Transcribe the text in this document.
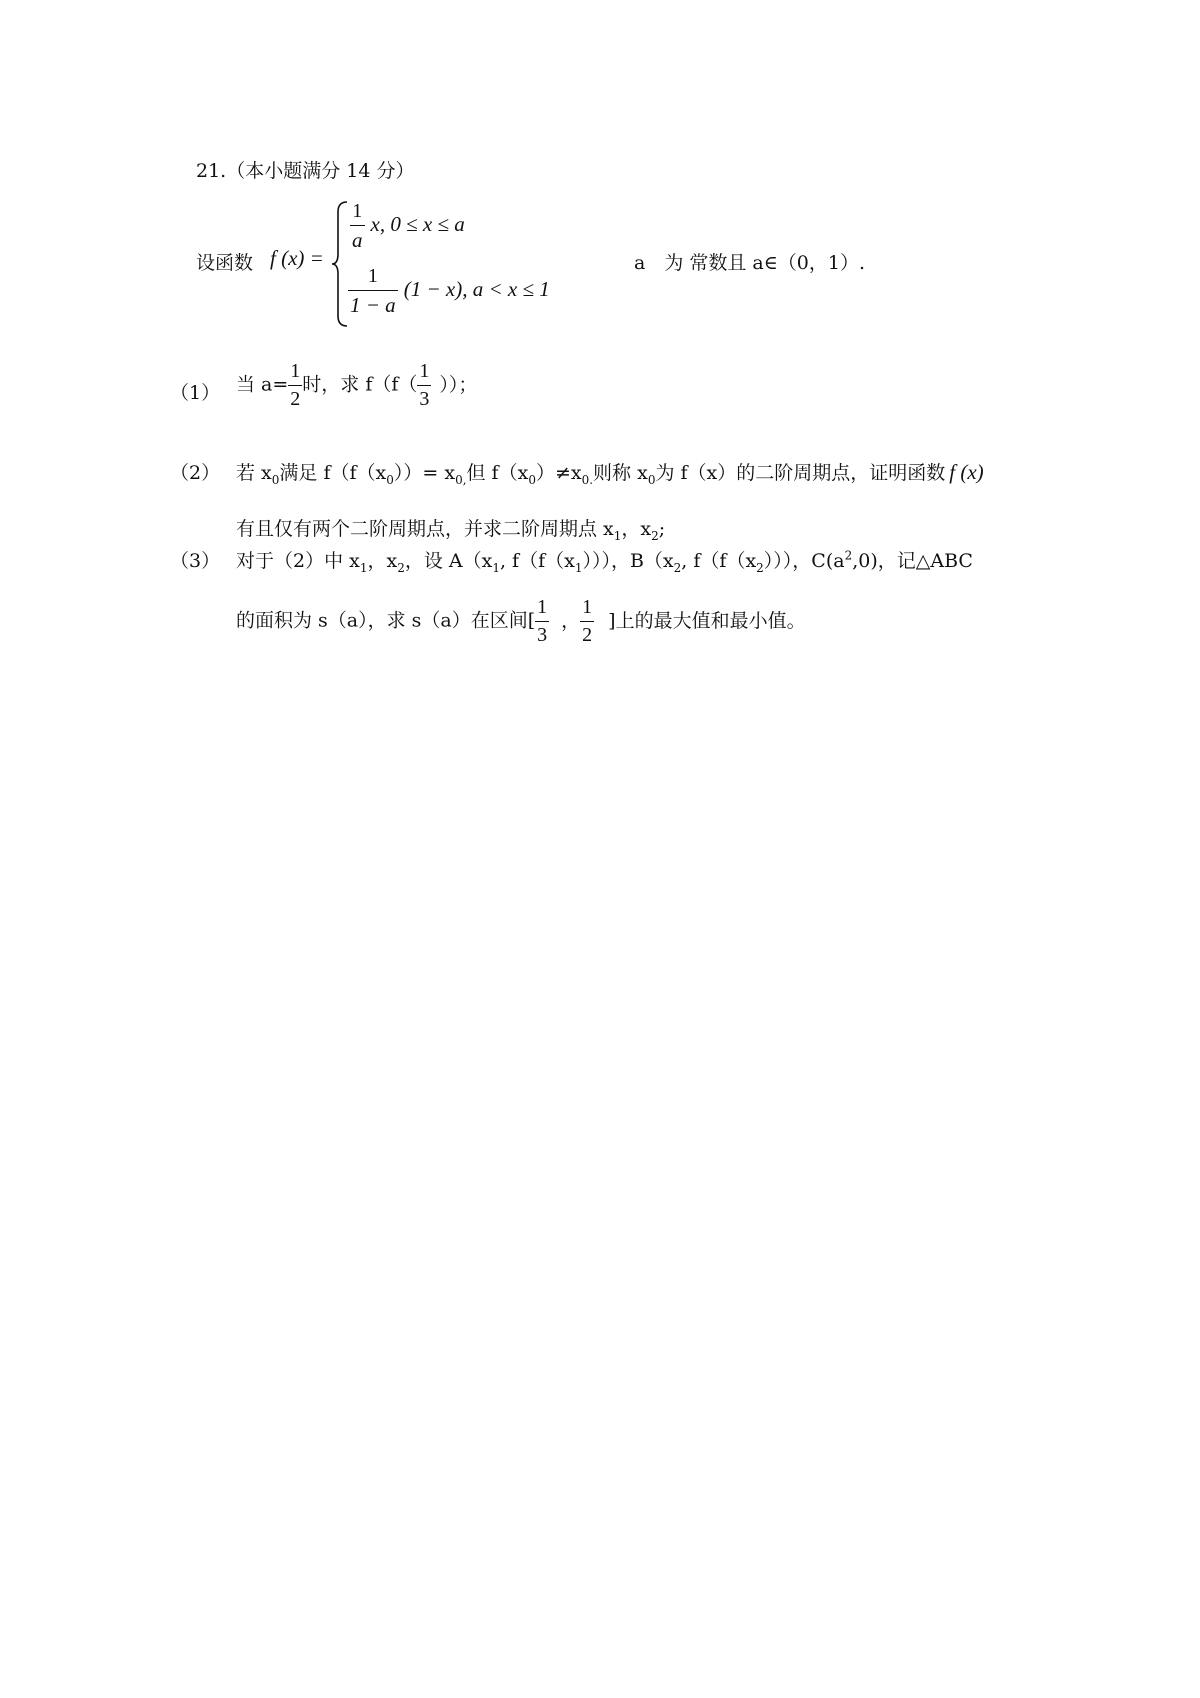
21.（本小题满分 14 分）
设函数 f (x) =
$\frac{1}{a} x$, 0 ≤ x ≤ a
$\frac{1}{1 - a} (1 - x)$, a < x ≤ 1
a　为 常数且 a∈（0，1）.
（1） 当 $a= \frac{1}{2}$ 时，求 $f(f( \frac{1}{3}$ ））；
（2） 若 $x_0$满足 $f(f(x_0))= x_{0,}$但 $f(x_0)\ne x_{0.}$则称 $x_0$为 f（x）的二阶周期点，证明函数 f (x)
有且仅有两个二阶周期点，并求二阶周期点 $x_1$，$x_2$;
（3） 对于（2）中 $x_1$，$x_2$，设 $A(x_1$, $f(f(x_1))$），$B(x_2$, $f(f(x_2))$），$C(a^2,0)$，记△ABC
的面积为 s（a），求 s（a）在区间[ $\frac{1}{3}$ ， $\frac{1}{2}$ ]上的最大值和最小值。
